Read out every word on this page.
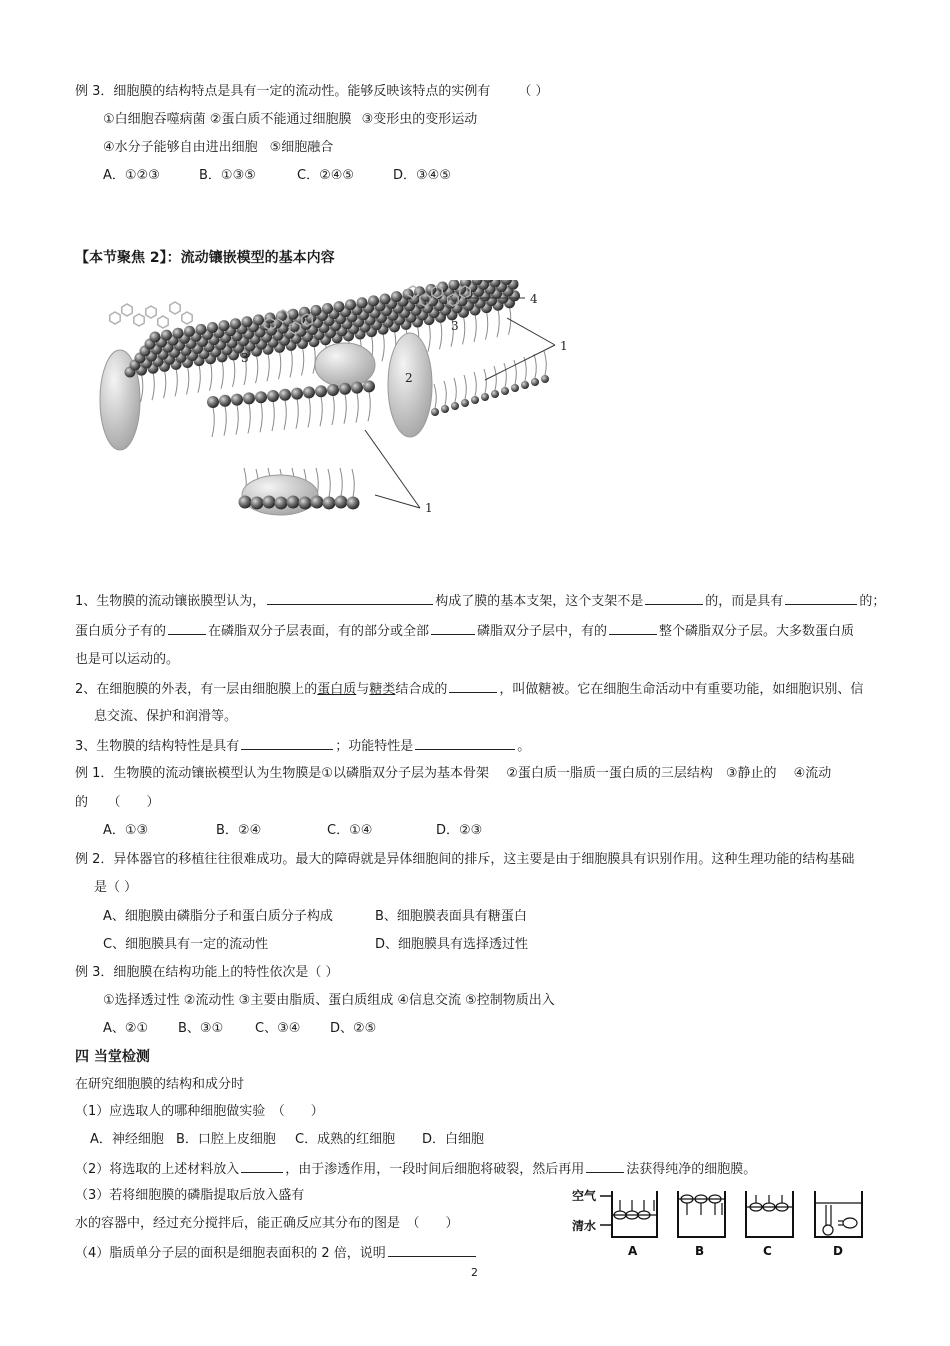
例 3．细胞膜的结构特点是具有一定的流动性。能够反映该特点的实例有 （ ）
①白细胞吞噬病菌 ②蛋白质不能通过细胞膜 ③变形虫的变形运动
④水分子能够自由进出细胞 ⑤细胞融合
A．①②③	B．①③⑤	C．②④⑤	D．③④⑤
【本节聚焦 2】：流动镶嵌模型的基本内容
4
1
1
3
3
2
1、生物膜的流动镶嵌膜型认为，	构成了膜的基本支架，这个支架不是	的，而是具有	的；
蛋白质分子有的	在磷脂双分子层表面，有的部分或全部	磷脂双分子层中，有的	整个磷脂双分子层。大多数蛋白质
也是可以运动的。
2、在细胞膜的外表，有一层由细胞膜上的蛋白质与糖类结合成的	，叫做糖被。它在细胞生命活动中有重要功能，如细胞识别、信
息交流、保护和润滑等。
3、生物膜的结构特性是具有	；功能特性是	。
例 1．生物膜的流动镶嵌模型认为生物膜是①以磷脂双分子层为基本骨架　 ②蛋白质一脂质一蛋白质的三层结构　③静止的　 ④流动
的　　（　　）
A．①③	B．②④	C．①④	D．②③
例 2．异体器官的移植往往很难成功。最大的障碍就是异体细胞间的排斥，这主要是由于细胞膜具有识别作用。这种生理功能的结构基础
是（ ）
A、细胞膜由磷脂分子和蛋白质分子构成	B、细胞膜表面具有糖蛋白
C、细胞膜具有一定的流动性	D、细胞膜具有选择透过性
例 3．细胞膜在结构功能上的特性依次是（ ）
①选择透过性 ②流动性 ③主要由脂质、蛋白质组成 ④信息交流 ⑤控制物质出入
A、②① B、③① C、③④ D、②⑤
四 当堂检测
在研究细胞膜的结构和成分时
（1）应选取人的哪种细胞做实验　（　　）
A．神经细胞 B．口腔上皮细胞 C．成熟的红细胞 D．白细胞
（2）将选取的上述材料放入	，由于渗透作用，一段时间后细胞将破裂，然后再用	法获得纯净的细胞膜。
（3）若将细胞膜的磷脂提取后放入盛有
水的容器中，经过充分搅拌后，能正确反应其分布的图是　（　　）
（4）脂质单分子层的面积是细胞表面积的 2 倍，说明
空气
清水
A	B	C	D
2
